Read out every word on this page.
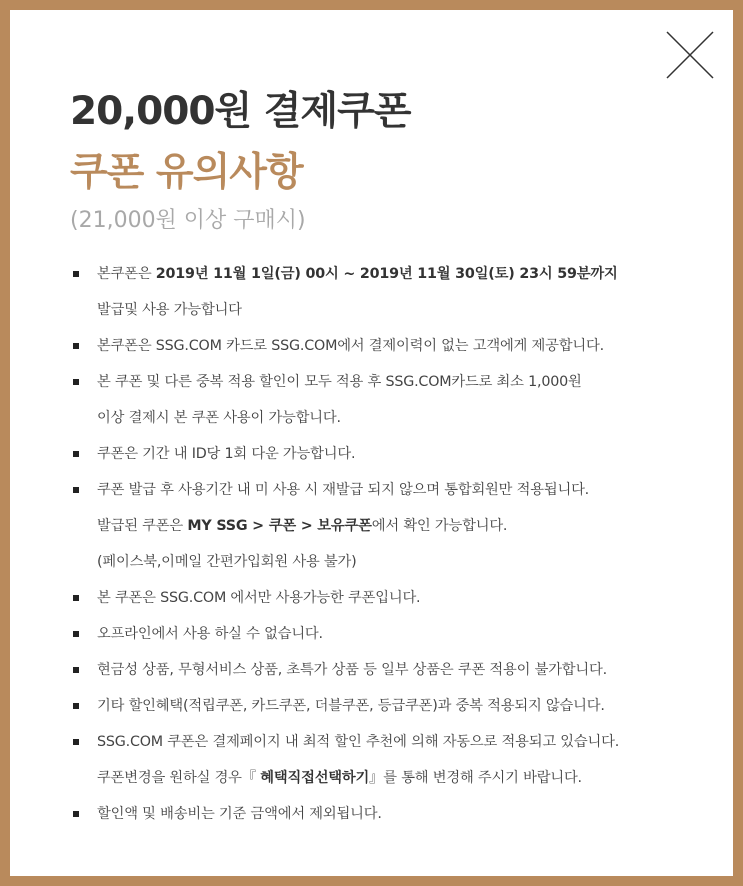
20,000원 결제쿠폰
쿠폰 유의사항
(21,000원 이상 구매시)
본쿠폰은 2019년 11월 1일(금) 00시 ~ 2019년 11월 30일(토) 23시 59분까지
발급및 사용 가능합니다
본쿠폰은 SSG.COM 카드로 SSG.COM에서 결제이력이 없는 고객에게 제공합니다.
본 쿠폰 및 다른 중복 적용 할인이 모두 적용 후 SSG.COM카드로 최소 1,000원
이상 결제시 본 쿠폰 사용이 가능합니다.
쿠폰은 기간 내 ID당 1회 다운 가능합니다.
쿠폰 발급 후 사용기간 내 미 사용 시 재발급 되지 않으며 통합회원만 적용됩니다.
발급된 쿠폰은 MY SSG > 쿠폰 > 보유쿠폰에서 확인 가능합니다.
(페이스북,이메일 간편가입회원 사용 불가)
본 쿠폰은 SSG.COM 에서만 사용가능한 쿠폰입니다.
오프라인에서 사용 하실 수 없습니다.
현금성 상품, 무형서비스 상품, 초특가 상품 등 일부 상품은 쿠폰 적용이 불가합니다.
기타 할인혜택(적립쿠폰, 카드쿠폰, 더블쿠폰, 등급쿠폰)과 중복 적용되지 않습니다.
SSG.COM 쿠폰은 결제페이지 내 최적 할인 추천에 의해 자동으로 적용되고 있습니다.
쿠폰변경을 원하실 경우『 혜택직접선택하기』를 통해 변경해 주시기 바랍니다.
할인액 및 배송비는 기준 금액에서 제외됩니다.
